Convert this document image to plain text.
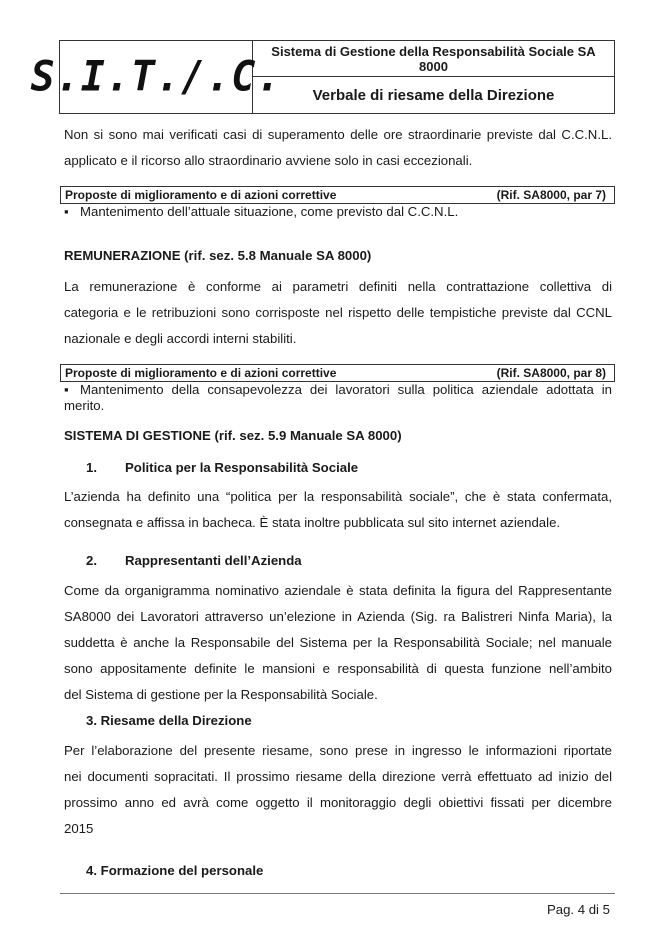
S.I.T./.C.
Sistema di Gestione della Responsabilità Sociale SA
8000
Verbale di riesame della Direzione
Non si sono mai verificati casi di superamento delle ore straordinarie previste dal C.C.N.L.
applicato e il ricorso allo straordinario avviene solo in casi eccezionali.
Proposte di miglioramento e di azioni correttive	(Rif. SA8000, par 7)
▪ Mantenimento dell’attuale situazione, come previsto dal C.C.N.L.
REMUNERAZIONE (rif. sez. 5.8 Manuale SA 8000)
La remunerazione è conforme ai parametri definiti nella contrattazione collettiva di
categoria e le retribuzioni sono corrisposte nel rispetto delle tempistiche previste dal CCNL
nazionale e degli accordi interni stabiliti.
Proposte di miglioramento e di azioni correttive	(Rif. SA8000, par 8)
▪ Mantenimento della consapevolezza dei lavoratori sulla politica aziendale adottata in
merito.
SISTEMA DI GESTIONE (rif. sez. 5.9 Manuale SA 8000)
1. Politica per la Responsabilità Sociale
L’azienda ha definito una “politica per la responsabilità sociale”, che è stata confermata,
consegnata e affissa in bacheca. È stata inoltre pubblicata sul sito internet aziendale.
2. Rappresentanti dell’Azienda
Come da organigramma nominativo aziendale è stata definita la figura del Rappresentante
SA8000 dei Lavoratori attraverso un’elezione in Azienda (Sig. ra Balistreri Ninfa Maria), la
suddetta è anche la Responsabile del Sistema per la Responsabilità Sociale; nel manuale
sono appositamente definite le mansioni e responsabilità di questa funzione nell’ambito
del Sistema di gestione per la Responsabilità Sociale.
3. Riesame della Direzione
Per l’elaborazione del presente riesame, sono prese in ingresso le informazioni riportate
nei documenti sopracitati. Il prossimo riesame della direzione verrà effettuato ad inizio del
prossimo anno ed avrà come oggetto il monitoraggio degli obiettivi fissati per dicembre
2015
4. Formazione del personale
Pag. 4 di 5
